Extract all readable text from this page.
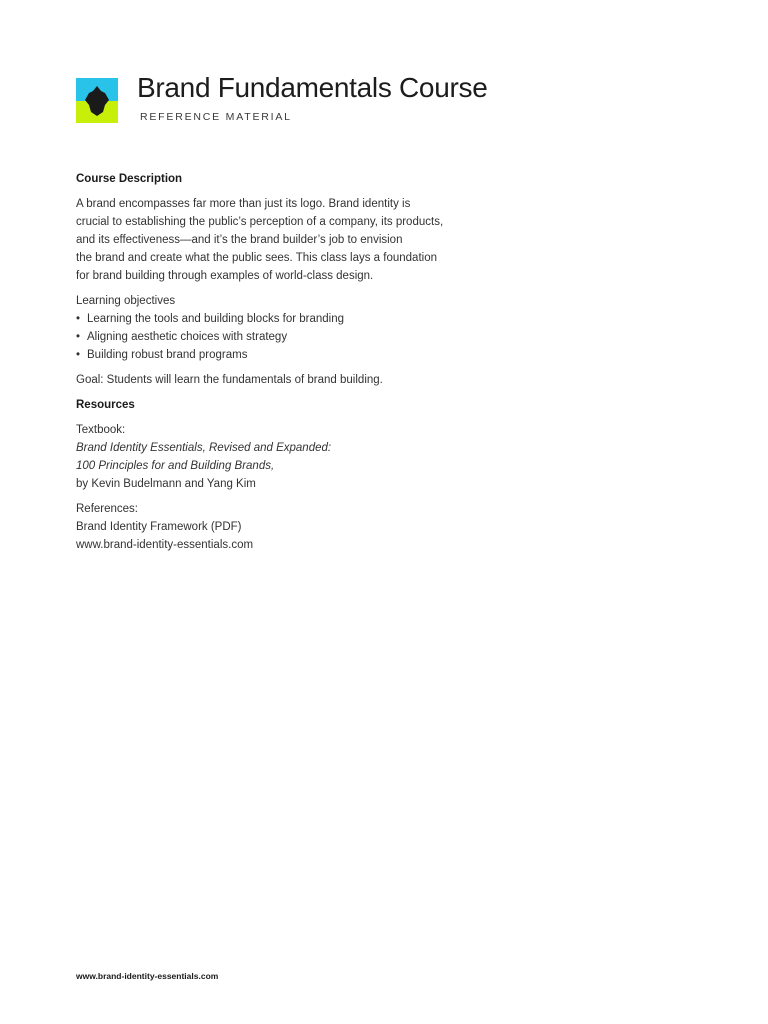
Brand Fundamentals Course
REFERENCE MATERIAL
Course Description
A brand encompasses far more than just its logo. Brand identity is
crucial to establishing the public’s perception of a company, its products,
and its effectiveness—and it’s the brand builder’s job to envision
the brand and create what the public sees. This class lays a foundation
for brand building through examples of world-class design.
Learning objectives
• Learning the tools and building blocks for branding
• Aligning aesthetic choices with strategy
• Building robust brand programs
Goal: Students will learn the fundamentals of brand building.
Resources
Textbook:
Brand Identity Essentials, Revised and Expanded:
100 Principles for and Building Brands,
by Kevin Budelmann and Yang Kim
References:
Brand Identity Framework (PDF)
www.brand-identity-essentials.com
www.brand-identity-essentials.com
